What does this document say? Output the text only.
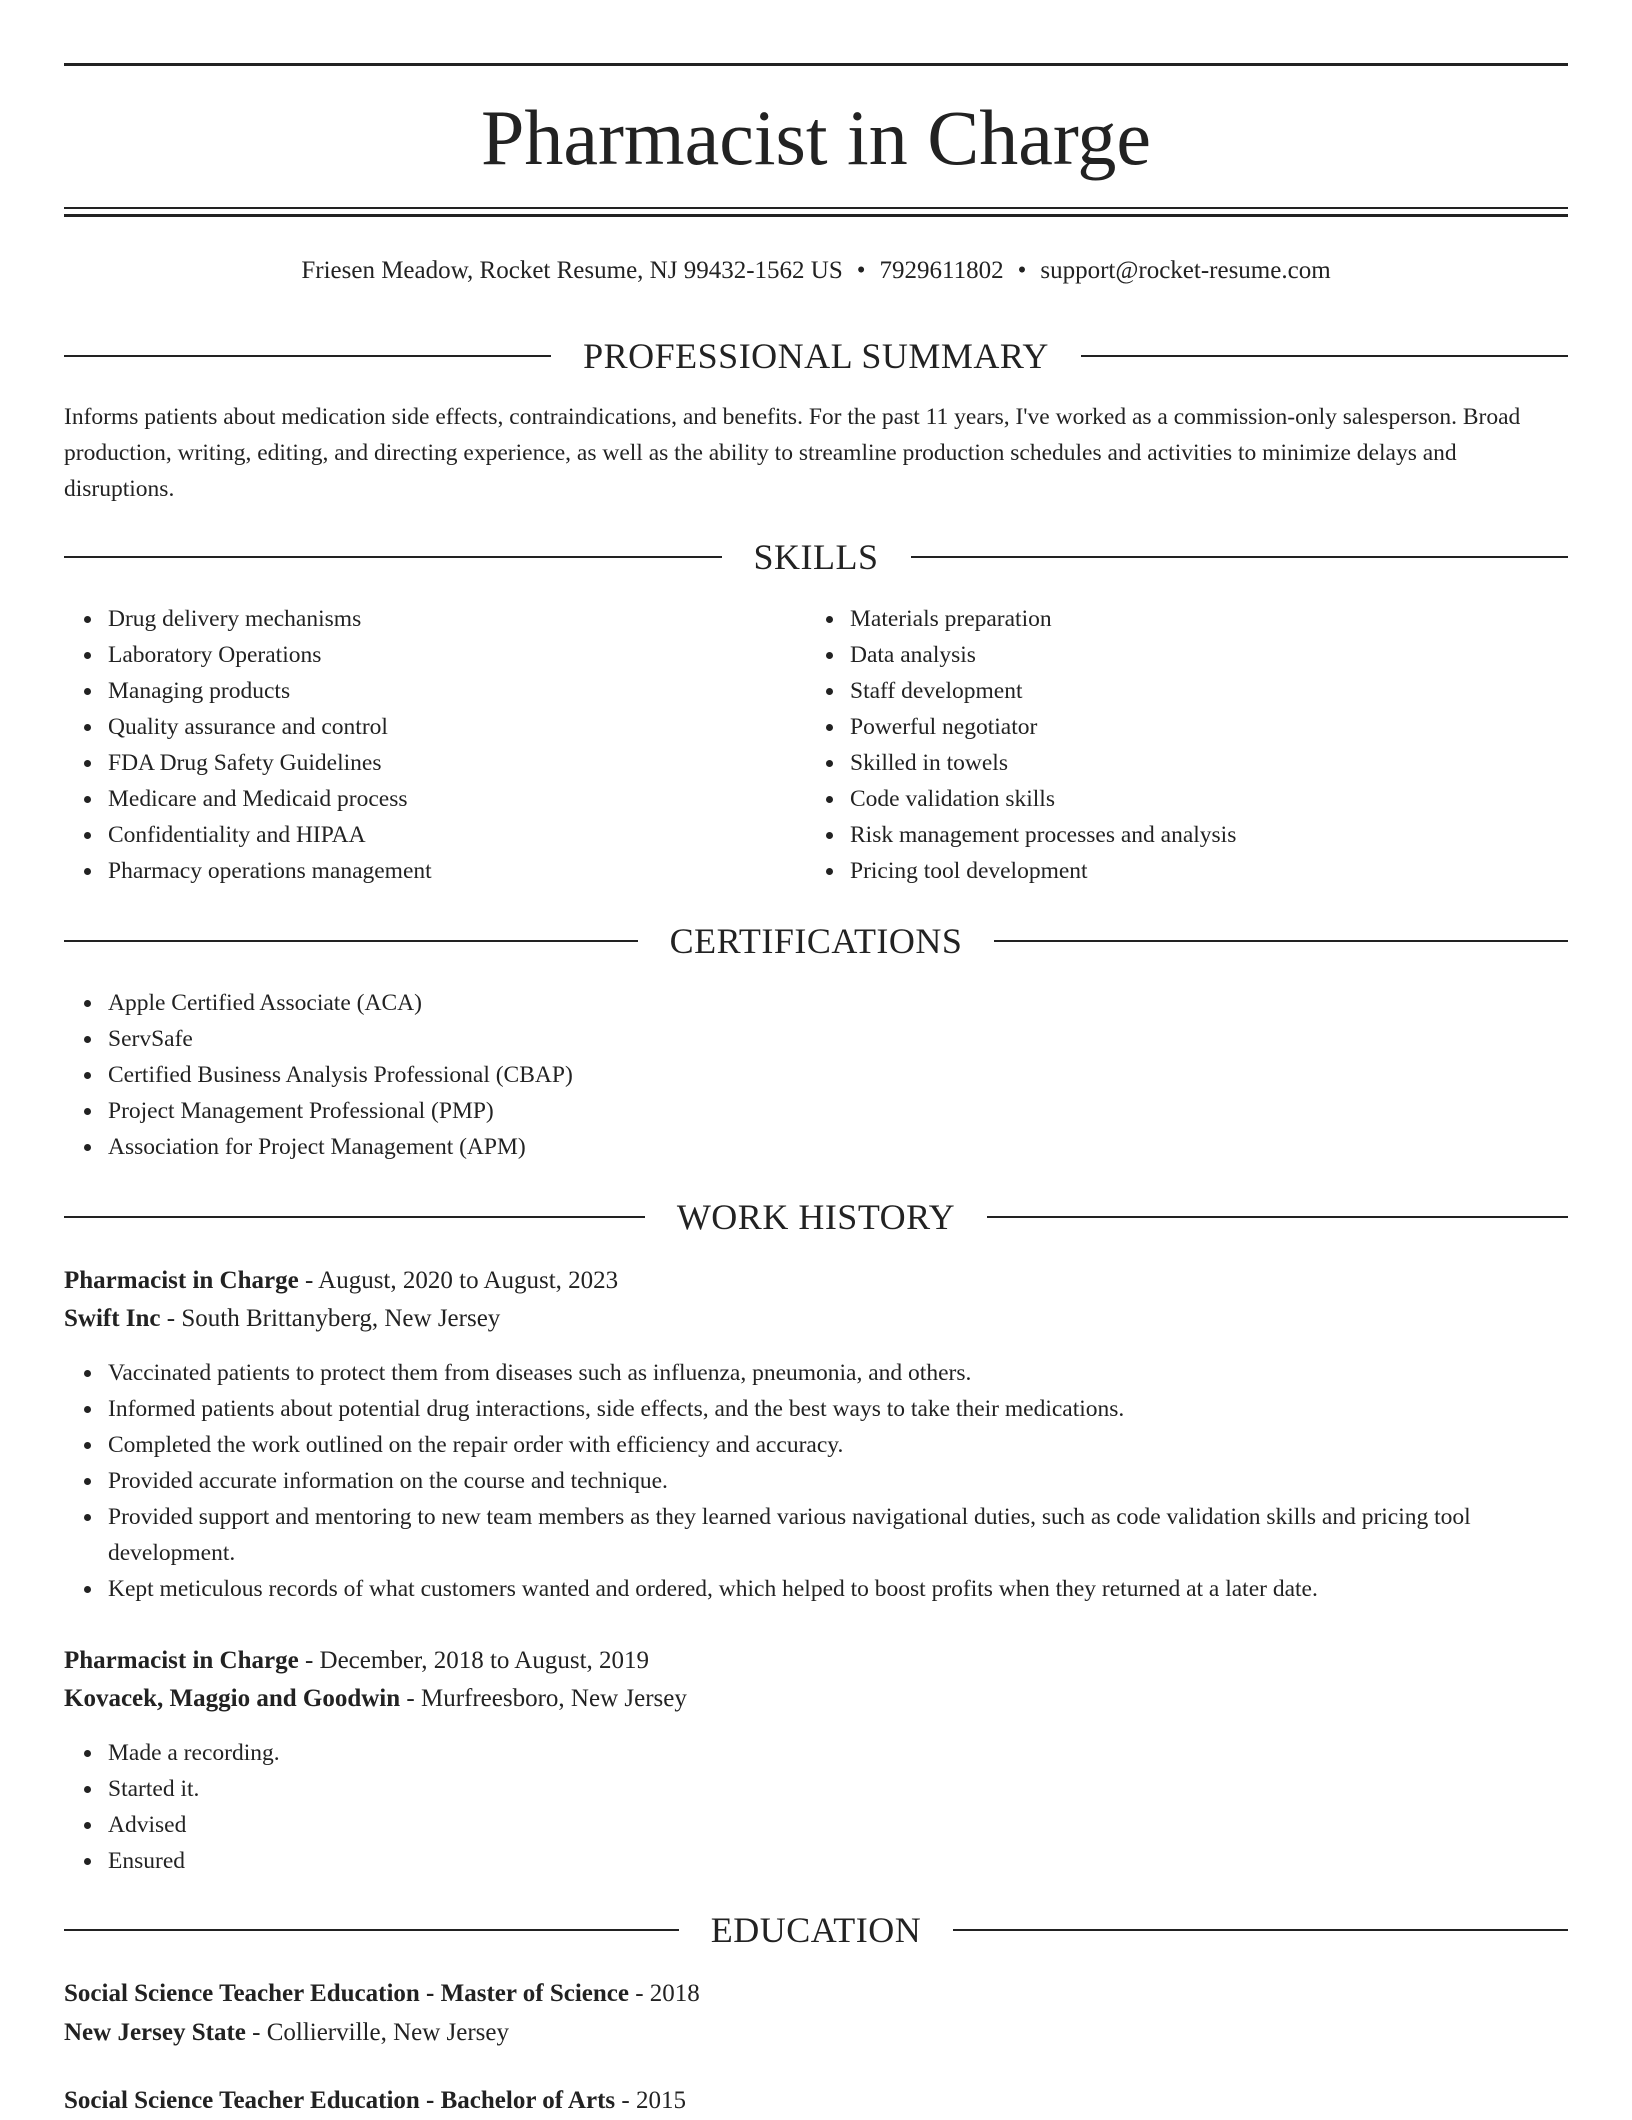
Pharmacist in Charge
Friesen Meadow, Rocket Resume, NJ 99432-1562 US • 7929611802 • support@rocket-resume.com
PROFESSIONAL SUMMARY
Informs patients about medication side effects, contraindications, and benefits. For the past 11 years, I've worked as a commission-only salesperson. Broad production, writing, editing, and directing experience, as well as the ability to streamline production schedules and activities to minimize delays and disruptions.
SKILLS
Drug delivery mechanisms
Laboratory Operations
Managing products
Quality assurance and control
FDA Drug Safety Guidelines
Medicare and Medicaid process
Confidentiality and HIPAA
Pharmacy operations management
Materials preparation
Data analysis
Staff development
Powerful negotiator
Skilled in towels
Code validation skills
Risk management processes and analysis
Pricing tool development
CERTIFICATIONS
Apple Certified Associate (ACA)
ServSafe
Certified Business Analysis Professional (CBAP)
Project Management Professional (PMP)
Association for Project Management (APM)
WORK HISTORY
Pharmacist in Charge - August, 2020 to August, 2023
Swift Inc - South Brittanyberg, New Jersey
Vaccinated patients to protect them from diseases such as influenza, pneumonia, and others.
Informed patients about potential drug interactions, side effects, and the best ways to take their medications.
Completed the work outlined on the repair order with efficiency and accuracy.
Provided accurate information on the course and technique.
Provided support and mentoring to new team members as they learned various navigational duties, such as code validation skills and pricing tool development.
Kept meticulous records of what customers wanted and ordered, which helped to boost profits when they returned at a later date.
Pharmacist in Charge - December, 2018 to August, 2019
Kovacek, Maggio and Goodwin - Murfreesboro, New Jersey
Made a recording.
Started it.
Advised
Ensured
EDUCATION
Social Science Teacher Education - Master of Science - 2018
New Jersey State - Collierville, New Jersey
Social Science Teacher Education - Bachelor of Arts - 2015
